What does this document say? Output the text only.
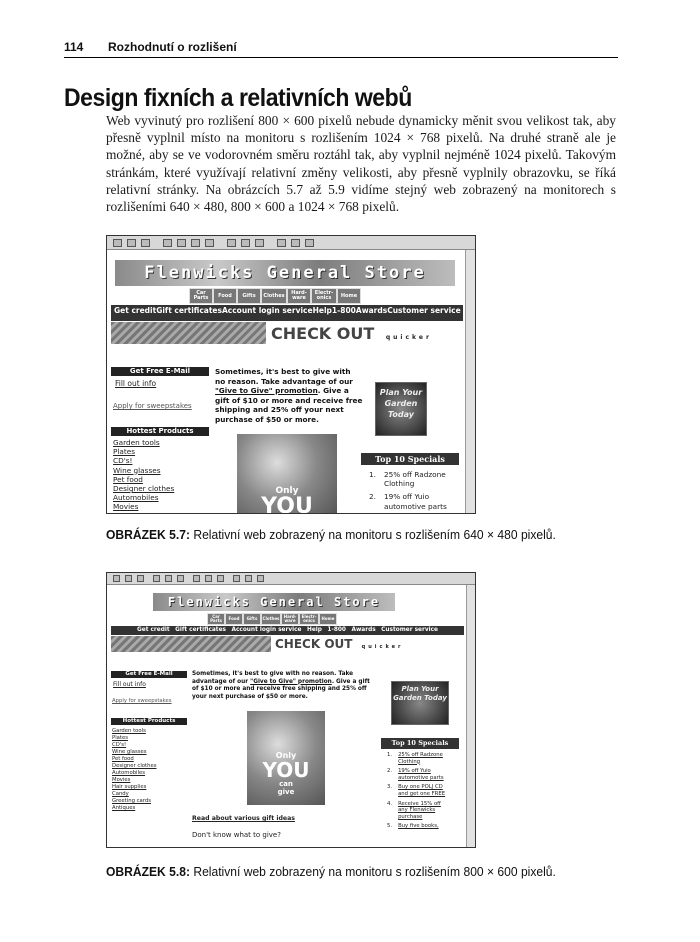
114 Rozhodnutí o rozlišení
Design fixních a relativních webů

Web vyvinutý pro rozlišení 800 × 600 pixelů nebude dynamicky měnit svou velikost tak, aby přesně vyplnil místo na monitoru s rozlišením 1024 × 768 pixelů. Na druhé straně ale je možné, aby se ve vodorovném směru roztáhl tak, aby vyplnil nejméně 1024 pixelů. Takovým stránkám, které využívají relativní změny velikosti, aby přesně vyplnily obrazovku, se říká relativní stránky. Na obrázcích 5.7 až 5.9 vidíme stejný web zobrazený na monitorech s rozlišeními 640 × 480, 800 × 600 a 1024 × 768 pixelů.

Flenwicks General Store
Car Parts	Food	Gifts	Clothes	Hard-ware
Electr-onics	Home
Get credit Gift certificates Account login service Help 1-800 Awards Customer service
CHECK OUT quicker
Get Free E-Mail
Fill out info
Apply for sweepstakes
Hottest Products
Garden tools
Plates
CD's!
Wine glasses
Pet food
Designer clothes
Automobiles
Movies
Sometimes, it's best to give with no reason. Take advantage of our "Give to Give" promotion. Give a gift of $10 or more and receive free shipping and 25% off your next purchase of $50 or more.
Plan Your Garden Today
Only
YOU
Top 10 Specials
1. 25% off Radzone Clothing
2. 19% off Yuio automotive parts
OBRÁZEK 5.7: Relativní web zobrazený na monitoru s rozlišením 640 × 480 pixelů.
Flenwicks General Store
Car Parts	Food	Gifts	Clothes	Hard-ware
Electr-onics	Home
Get credit Gift certificates Account login service Help 1-800 Awards Customer service
CHECK OUT quicker
Get Free E-Mail
Fill out info
Apply for sweepstakes
Hottest Products
Garden tools
Plates
CD's!
Wine glasses
Pet food
Designer clothes
Automobiles
Movies
Hair supplies
Candy
Greeting cards
Antiques
Sometimes, it's best to give with no reason. Take advantage of our "Give to Give" promotion. Give a gift of $10 or more and receive free shipping and 25% off your next purchase of $50 or more.
Plan Your Garden Today
Only
YOU
can
give
Top 10 Specials
1. 25% off Radzone Clothing
2. 19% off Yuio automotive parts
3. Buy one POLJ CD and get one FREE
4. Receive 15% off any Flenwicks purchase
5. Buy five books,
Read about various gift ideas
Don't know what to give?
OBRÁZEK 5.8: Relativní web zobrazený na monitoru s rozlišením 800 × 600 pixelů.
